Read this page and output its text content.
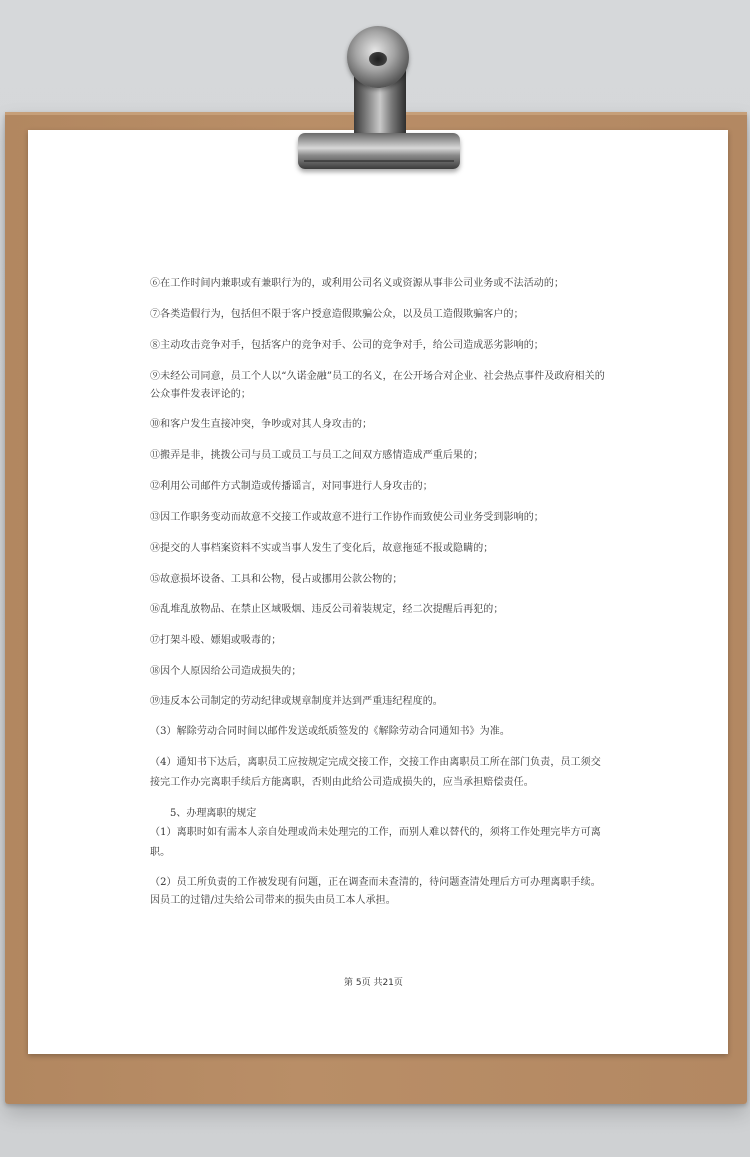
⑥在工作时间内兼职或有兼职行为的，或利用公司名义或资源从事非公司业务或不法活动的；
⑦各类造假行为，包括但不限于客户授意造假欺骗公众，以及员工造假欺骗客户的；
⑧主动攻击竞争对手，包括客户的竞争对手、公司的竞争对手，给公司造成恶劣影响的；
⑨未经公司同意，员工个人以“久诺金融”员工的名义，在公开场合对企业、社会热点事件及政府相关的
公众事件发表评论的；
⑩和客户发生直接冲突，争吵或对其人身攻击的；
⑪搬弄是非，挑拨公司与员工或员工与员工之间双方感情造成严重后果的；
⑫利用公司邮件方式制造或传播谣言，对同事进行人身攻击的；
⑬因工作职务变动而故意不交接工作或故意不进行工作协作而致使公司业务受到影响的；
⑭提交的人事档案资料不实或当事人发生了变化后，故意拖延不报或隐瞒的；
⑮故意损坏设备、工具和公物，侵占或挪用公款公物的；
⑯乱堆乱放物品、在禁止区域吸烟、违反公司着装规定，经二次提醒后再犯的；
⑰打架斗殴、嫖娼或吸毒的；
⑱因个人原因给公司造成损失的；
⑲违反本公司制定的劳动纪律或规章制度并达到严重违纪程度的。
（3）解除劳动合同时间以邮件发送或纸质签发的《解除劳动合同通知书》为准。
（4）通知书下达后，离职员工应按规定完成交接工作，交接工作由离职员工所在部门负责，员工须交
接完工作办完离职手续后方能离职，否则由此给公司造成损失的，应当承担赔偿责任。
5、办理离职的规定
（1）离职时如有需本人亲自处理或尚未处理完的工作，而别人难以替代的，须将工作处理完毕方可离
职。
（2）员工所负责的工作被发现有问题，正在调查而未查清的，待问题查清处理后方可办理离职手续。
因员工的过错/过失给公司带来的损失由员工本人承担。
第 5页 共21页
